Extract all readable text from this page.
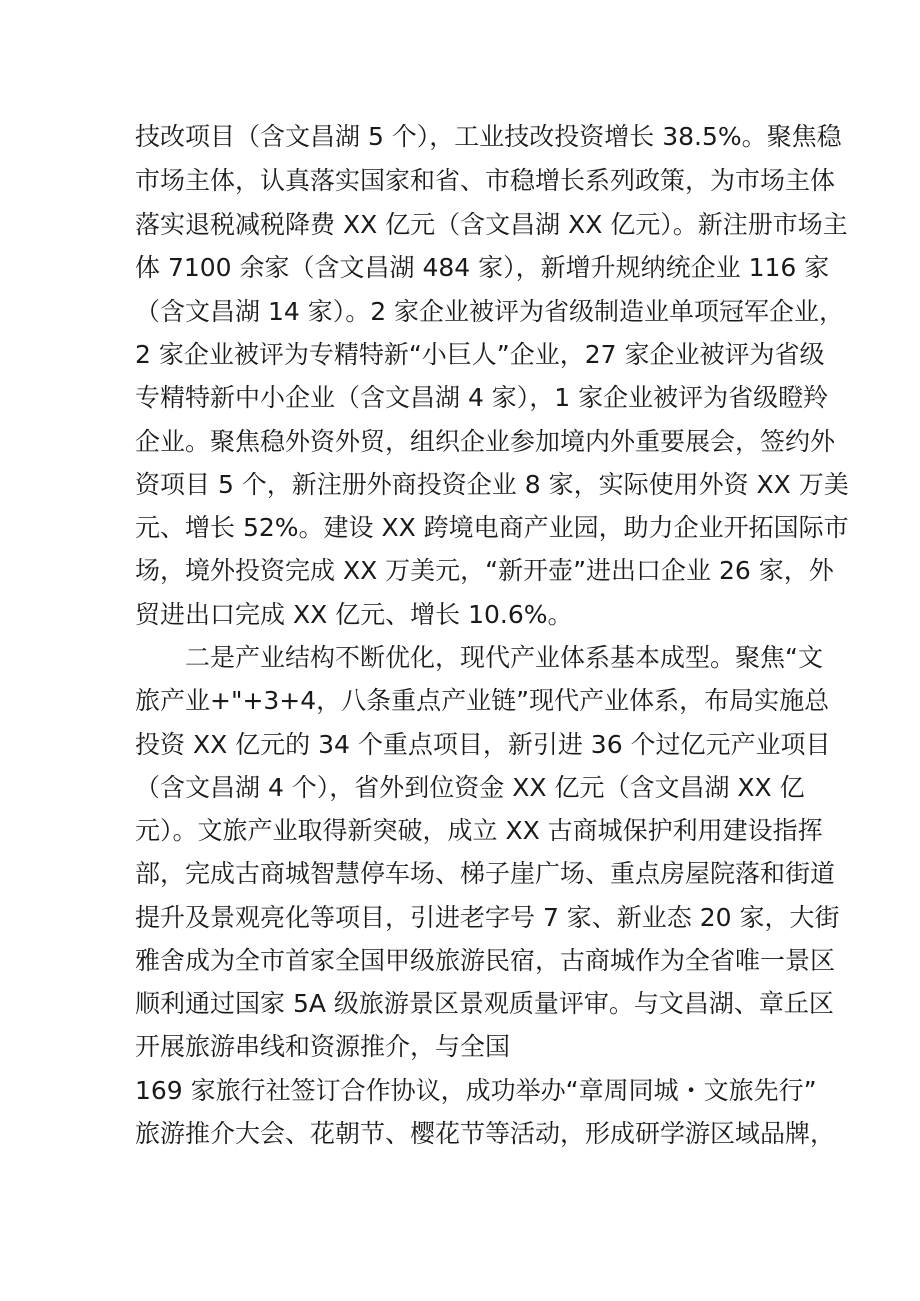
技改项目（含文昌湖 5 个），工业技改投资增长 38.5%。聚焦稳
市场主体，认真落实国家和省、市稳增长系列政策，为市场主体
落实退税减税降费 XX 亿元（含文昌湖 XX 亿元）。新注册市场主
体 7100 余家（含文昌湖 484 家），新增升规纳统企业 116 家
（含文昌湖 14 家）。2 家企业被评为省级制造业单项冠军企业，
2 家企业被评为专精特新“小巨人”企业，27 家企业被评为省级
专精特新中小企业（含文昌湖 4 家），1 家企业被评为省级瞪羚
企业。聚焦稳外资外贸，组织企业参加境内外重要展会，签约外
资项目 5 个，新注册外商投资企业 8 家，实际使用外资 XX 万美
元、增长 52%。建设 XX 跨境电商产业园，助力企业开拓国际市
场，境外投资完成 XX 万美元，“新开壶”进出口企业 26 家，外
贸进出口完成 XX 亿元、增长 10.6%。
二是产业结构不断优化，现代产业体系基本成型。聚焦“文
旅产业+"+3+4，八条重点产业链”现代产业体系，布局实施总
投资 XX 亿元的 34 个重点项目，新引进 36 个过亿元产业项目
（含文昌湖 4 个），省外到位资金 XX 亿元（含文昌湖 XX 亿
元）。文旅产业取得新突破，成立 XX 古商城保护利用建设指挥
部，完成古商城智慧停车场、梯子崖广场、重点房屋院落和街道
提升及景观亮化等项目，引进老字号 7 家、新业态 20 家，大街
雅舍成为全市首家全国甲级旅游民宿，古商城作为全省唯一景区
顺利通过国家 5A 级旅游景区景观质量评审。与文昌湖、章丘区
开展旅游串线和资源推介，与全国
169 家旅行社签订合作协议，成功举办“章周同城・文旅先行”
旅游推介大会、花朝节、樱花节等活动，形成研学游区域品牌，
